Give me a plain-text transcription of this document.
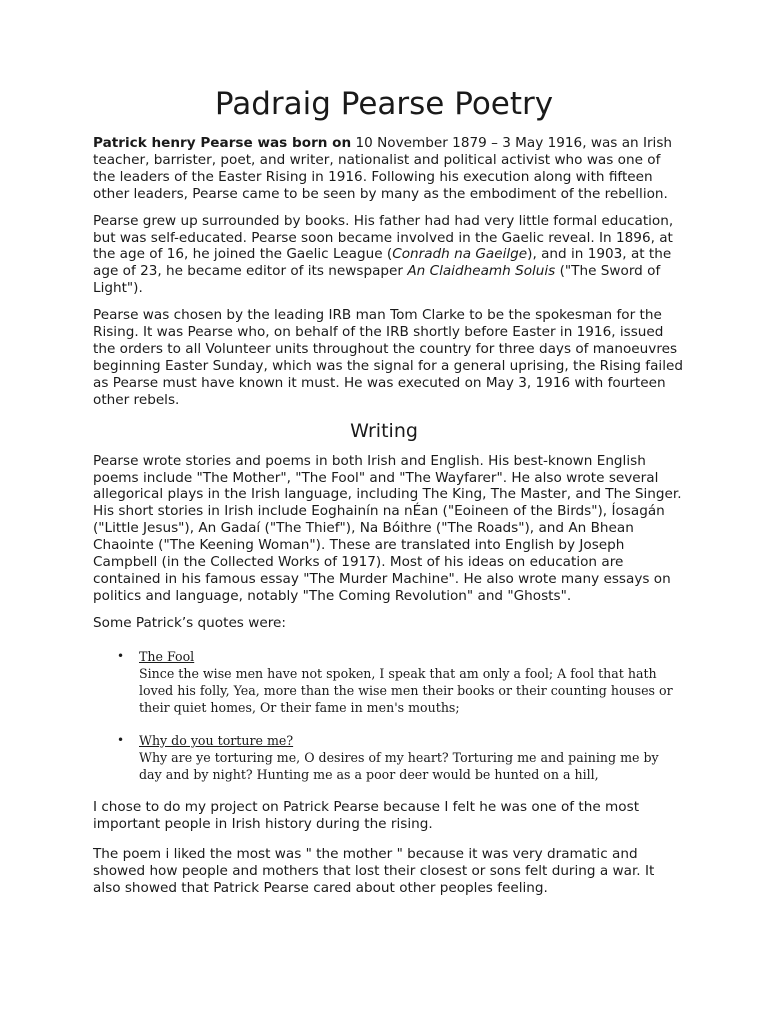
Padraig Pearse Poetry

Patrick henry Pearse was born on 10 November 1879 – 3 May 1916, was an Irish teacher, barrister, poet, and writer, nationalist and political activist who was one of the leaders of the Easter Rising in 1916. Following his execution along with fifteen other leaders, Pearse came to be seen by many as the embodiment of the rebellion.

Pearse grew up surrounded by books. His father had had very little formal education, but was self-educated. Pearse soon became involved in the Gaelic reveal. In 1896, at the age of 16, he joined the Gaelic League (Conradh na Gaeilge), and in 1903, at the age of 23, he became editor of its newspaper An Claidheamh Soluis ("The Sword of Light").

Pearse was chosen by the leading IRB man Tom Clarke to be the spokesman for the Rising. It was Pearse who, on behalf of the IRB shortly before Easter in 1916, issued the orders to all Volunteer units throughout the country for three days of manoeuvres beginning Easter Sunday, which was the signal for a general uprising, the Rising failed as Pearse must have known it must. He was executed on May 3, 1916 with fourteen other rebels.

Writing

Pearse wrote stories and poems in both Irish and English. His best-known English poems include "The Mother", "The Fool" and "The Wayfarer". He also wrote several allegorical plays in the Irish language, including The King, The Master, and The Singer. His short stories in Irish include Eoghainín na nÉan ("Eoineen of the Birds"), Íosagán ("Little Jesus"), An Gadaí ("The Thief"), Na Bóithre ("The Roads"), and An Bhean Chaointe ("The Keening Woman"). These are translated into English by Joseph Campbell (in the Collected Works of 1917). Most of his ideas on education are contained in his famous essay "The Murder Machine". He also wrote many essays on politics and language, notably "The Coming Revolution" and "Ghosts".

Some Patrick’s quotes were:

• The Fool
Since the wise men have not spoken, I speak that am only a fool; A fool that hath loved his folly, Yea, more than the wise men their books or their counting houses or their quiet homes, Or their fame in men's mouths;
• Why do you torture me?
Why are ye torturing me, O desires of my heart? Torturing me and paining me by day and by night? Hunting me as a poor deer would be hunted on a hill,

I chose to do my project on Patrick Pearse because I felt he was one of the most important people in Irish history during the rising.

The poem i liked the most was " the mother " because it was very dramatic and showed how people and mothers that lost their closest or sons felt during a war. It also showed that Patrick Pearse cared about other peoples feeling.
